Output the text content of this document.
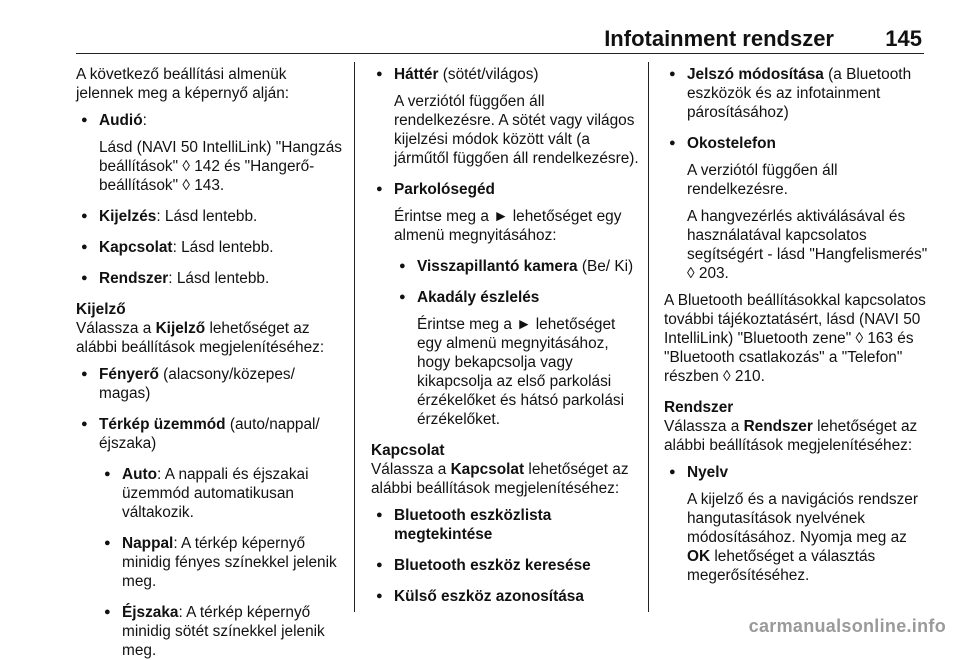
Infotainment rendszer 145

A következő beállítási almenük jelennek meg a képernyő alján:

● Audió:

Lásd (NAVI 50 IntelliLink) "Hangzás beállítások" ◊ 142 és "Hangerő-beállítások" ◊ 143.

● Kijelzés: Lásd lentebb.

● Kapcsolat: Lásd lentebb.

● Rendszer: Lásd lentebb.

Kijelző

Válassza a Kijelző lehetőséget az alábbi beállítások megjelenítéséhez:

● Fényerő (alacsony/közepes/ magas)

● Térkép üzemmód (auto/nappal/ éjszaka)

● Auto: A nappali és éjszakai üzemmód automatikusan váltakozik.

● Nappal: A térkép képernyő minidig fényes színekkel jelenik meg.

● Éjszaka: A térkép képernyő minidig sötét színekkel jelenik meg.

● Háttér (sötét/világos)

A verziótól függően áll rendelkezésre. A sötét vagy világos kijelzési módok között vált (a járműtől függően áll rendelkezésre).

● Parkolósegéd

Érintse meg a ► lehetőséget egy almenü megnyitásához:

● Visszapillantó kamera (Be/ Ki)

● Akadály észlelés

Érintse meg a ► lehetőséget egy almenü megnyitásához, hogy bekapcsolja vagy kikapcsolja az első parkolási érzékelőket és hátsó parkolási érzékelőket.

Kapcsolat

Válassza a Kapcsolat lehetőséget az alábbi beállítások megjelenítéséhez:

● Bluetooth eszközlista megtekintése

● Bluetooth eszköz keresése

● Külső eszköz azonosítása

● Jelszó módosítása (a Bluetooth eszközök és az infotainment párosításához)

● Okostelefon

A verziótól függően áll rendelkezésre.

A hangvezérlés aktiválásával és használatával kapcsolatos segítségért - lásd "Hangfelismerés" ◊ 203.

A Bluetooth beállításokkal kapcsolatos további tájékoztatásért, lásd (NAVI 50 IntelliLink) "Bluetooth zene" ◊ 163 és "Bluetooth csatlakozás" a "Telefon" részben ◊ 210.

Rendszer

Válassza a Rendszer lehetőséget az alábbi beállítások megjelenítéséhez:

● Nyelv

A kijelző és a navigációs rendszer hangutasítások nyelvének módosításához. Nyomja meg az OK lehetőséget a választás megerősítéséhez.

carmanualsonline.info
